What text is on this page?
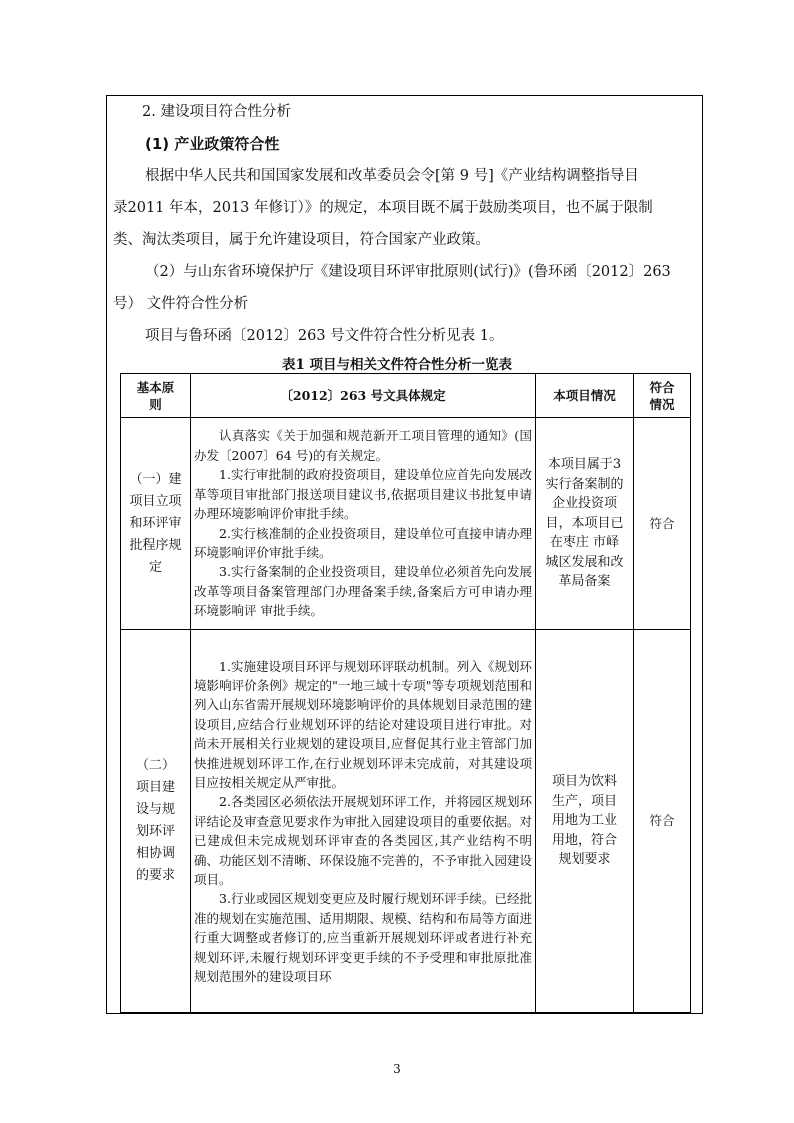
2. 建设项目符合性分析
(1) 产业政策符合性
根据中华人民共和国国家发展和改革委员会令[第 9 号]《产业结构调整指导目
录2011 年本，2013 年修订）》的规定，本项目既不属于鼓励类项目，也不属于限制
类、淘汰类项目，属于允许建设项目，符合国家产业政策。
（2）与山东省环境保护厅《建设项目环评审批原则(试行)》(鲁环函〔2012〕263
号） 文件符合性分析
项目与鲁环函〔2012〕263 号文件符合性分析见表 1。
表1 项目与相关文件符合性分析一览表
基本原则	〔2012〕263 号文具体规定	本项目情况	符合情况
（一）建 项目立项和环评审批程序规定	认真落实《关于加强和规范新开工项目管理的通知》(国办发〔2007〕64 号)的有关规定。

1.实行审批制的政府投资项目，建设单位应首先向发展改革等项目审批部门报送项目建议书,依据项目建议书批复申请办理环境影响评价审批手续。

2.实行核准制的企业投资项目，建设单位可直接申请办理环境影响评价审批手续。

3.实行备案制的企业投资项目，建设单位必须首先向发展改革等项目备案管理部门办理备案手续,备案后方可申请办理环境影响评 审批手续。	本项目属于3实行备案制的企业投资项目，本项目已在枣庄 市峄城区发展和改革局备案	符合
（二）项目建设与规划环评相协调的要求	1.实施建设项目环评与规划环评联动机制。列入《规划环境影响评价条例》规定的"一地三域十专项"等专项规划范围和列入山东省需开展规划环境影响评价的具体规划目录范围的建设项目,应结合行业规划环评的结论对建设项目进行审批。对尚未开展相关行业规划的建设项目,应督促其行业主管部门加快推进规划环评工作,在行业规划环评未完成前，对其建设项目应按相关规定从严审批。

2.各类园区必须依法开展规划环评工作，并将园区规划环评结论及审查意见要求作为审批入园建设项目的重要依据。对已建成但未完成规划环评审查的各类园区,其产业结构不明确、功能区划不清晰、环保设施不完善的，不予审批入园建设项目。

3.行业或园区规划变更应及时履行规划环评手续。已经批准的规划在实施范围、适用期限、规模、结构和布局等方面进行重大调整或者修订的,应当重新开展规划环评或者进行补充规划环评,未履行规划环评变更手续的不予受理和审批原批准规划范围外的建设项目环	项目为饮料生产，项目用地为工业用地，符合规划要求	符合
3
